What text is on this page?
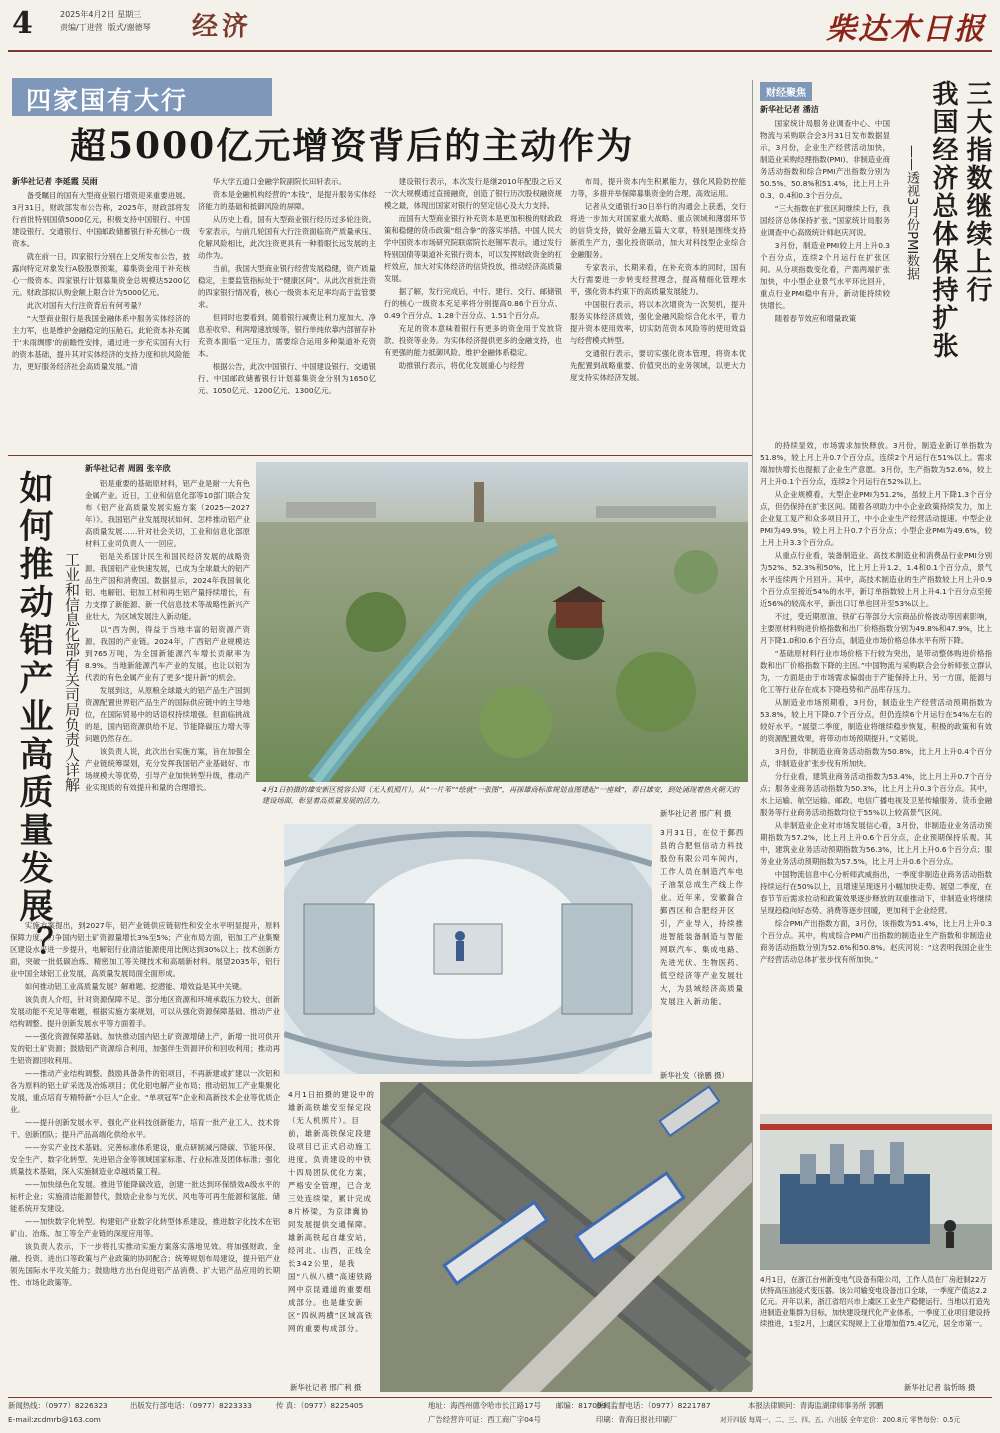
4	2025年4月2日 星期三
责编/丁进营 版式/谢德琴	经济	柴达木日报
四家国有大行
超5000亿元增资背后的主动作为
新华社记者 李延霞 吴雨

备受瞩目的国有大型商业银行增资迎来重要进展。3月31日，财政部发布公告称，2025年，财政部将发行首批特别国债5000亿元，积极支持中国银行、中国建设银行、交通银行、中国邮政储蓄银行补充核心一级资本。

就在前一日，四家银行分别在上交所发布公告，披露向特定对象发行A股股票预案，募集资金用于补充核心一级资本。四家银行计划募集资金总规模达5200亿元。财政部拟认购金额上限合计为5000亿元。

此次对国有大行注资背后有何考量？

“大型商业银行是我国金融体系中服务实体经济的主力军，也是维护金融稳定的压舱石。此轮资本补充属于‘未雨绸缪’的前瞻性安排，通过进一步充实国有大行的资本基础，提升其对实体经济的支持力度和抗风险能力，更好服务经济社会高质量发展。”清

华大学五道口金融学院副院长田轩表示。

资本是金融机构经营的“本钱”，是提升服务实体经济能力的基础和抵御风险的屏障。

从历史上看，国有大型商业银行经历过多轮注资。专家表示，与前几轮国有大行注资面临资产质量承压、化解风险相比，此次注资更具有一种着眼长远发展的主动作为。

当前，我国大型商业银行经营发展稳健，资产质量稳定，主要监管指标处于“健康区间”。从此次首批注资的四家银行情况看，核心一级资本充足率均高于监管要求。

但同时也要看到，随着银行减费让利力度加大、净息差收窄、利润增速放缓等，银行单纯依靠内部留存补充资本面临一定压力，需要综合运用多种渠道补充资本。

根据公告，此次中国银行、中国建设银行、交通银行、中国邮政储蓄银行计划募集资金分别为1650亿元、1050亿元、1200亿元、1300亿元。

建设银行表示，本次发行是继2010年配股之后又一次大规模通过直接融资，创造了银行历次股权融资规模之最，体现出国家对银行的坚定信心及大力支持。

而国有大型商业银行补充资本是更加积极的财政政策和稳健的货币政策“组合拳”的落实举措。中国人民大学中国资本市场研究院联席院长赵锡军表示，通过发行特别国债等渠道补充银行资本，可以发挥财政资金的杠杆效应，加大对实体经济的信贷投放，推动经济高质量发展。

据了解，发行完成后，中行、建行、交行、邮储银行的核心一级资本充足率将分别提高0.86个百分点、0.49个百分点、1.28个百分点、1.51个百分点。

充足的资本意味着银行有更多的资金用于发放贷款、投资等业务。为实体经济提供更多的金融支持，也有更强的能力抵御风险、维护金融体系稳定。

助推银行表示，将优化发展重心与经营

布局，提升资本内生积累能力，强化风险防控能力等，多措并举保障募集资金的合理、高效运用。

记者从交通银行30日举行的沟通会上获悉，交行将进一步加大对国家重大战略、重点领域和薄弱环节的信贷支持，做好金融五篇大文章，特别是围绕支持新质生产力，强化投资联动，加大对科技型企业综合金融服务。

专家表示，长期来看，在补充资本的同时，国有大行需要进一步转变经营理念，提高精细化管理水平，强化资本约束下的高质量发展能力。

中国银行表示，将以本次增资为一次契机，提升服务实体经济质效，强化金融风险综合化水平，着力提升资本使用效率，切实防范资本风险等的使用效益与经营模式转型。

交通银行表示，要切实强化资本管理，将资本优先配置到战略重要、价值突出的业务领域，以更大力度支持实体经济发展。

财经聚焦	三大指数继续上行
我国经济总体保持扩张
——透视3月份PMI数据
新华社记者 潘洁

国家统计局服务业调查中心、中国物流与采购联合会3月31日发布数据显示，3月份，企业生产经营活动加快，制造业采购经理指数(PMI)、非制造业商务活动指数和综合PMI产出指数分别为50.5%、50.8%和51.4%，比上月上升0.3、0.4和0.3个百分点。

“三大指数在扩张区间继续上行，我国经济总体保持扩张。”国家统计局服务业调查中心高级统计师赵庆河说。

3月份，制造业PMI较上月上升0.3个百分点，连续2个月运行在扩张区间。从分项指数变化看，产需两端扩张加快，中小型企业景气水平环比回升，重点行业PMI稳中有升，新动能持续较快增长。

随着春节效应和增量政策

的持续显效，市场需求加快释放。3月份，制造业新订单指数为51.8%，较上月上升0.7个百分点，连续2个月运行在51%以上。需求端加快增长也提振了企业生产意愿。3月份，生产指数为52.6%，较上月上升0.1个百分点，连续2个月运行在52%以上。

从企业规模看，大型企业PMI为51.2%，虽较上月下降1.3个百分点，但仍保持在扩张区间。随着各项助力中小企业政策持续发力，加上企业复工复产和众多项目开工，中小企业生产经营活动提速。中型企业PMI为49.9%，较上月上升0.7个百分点；小型企业PMI为49.6%，较上月上升3.3个百分点。

从重点行业看，装备制造业、高技术制造业和消费品行业PMI分别为52%、52.3%和50%，比上月上升1.2、1.4和0.1个百分点，景气水平连续两个月回升。其中，高技术制造业的生产指数较上月上升0.9个百分点至接近54%的水平，新订单指数较上月上升4.1个百分点至接近56%的较高水平，新出口订单也回升至53%以上。

不过，受近期原油、铁矿石等部分大宗商品价格波动等因素影响，主要原材料购进价格指数和出厂价格指数分别为49.8%和47.9%，比上月下降1.0和0.6个百分点，制造业市场价格总体水平有所下降。

“基础原材料行业市场价格下行较为突出，是带动整体购进价格指数和出厂价格指数下降的主因。”中国物流与采购联合会分析师张立群认为，一方面是由于市场需求偏弱由于产能保持上升，另一方面，能源与化工等行业存在成本下降趋势和产品库存压力。

从制造业市场预期看，3月份，制造业生产经营活动预期指数为53.8%，较上月下降0.7个百分点，但仍连续6个月运行在54%左右的较好水平。“展望二季度，制造业将继续稳步恢复，积极的政策和有效的资源配置效果，将带动市场预期提升。”文韬说。

3月份，非制造业商务活动指数为50.8%，比上月上升0.4个百分点，非制造业扩张步伐有所加快。

分行业看，建筑业商务活动指数为53.4%，比上月上升0.7个百分点；服务业商务活动指数为50.3%，比上月上升0.3个百分点。其中，水上运输、航空运输、邮政、电信广播电视及卫星传输服务、货币金融服务等行业商务活动指数均位于55%以上较高景气区间。

从非制造业企业对市场发展信心看，3月份，非制造业业务活动预期指数为57.2%，比上月上升0.6个百分点，企业预期保持乐观。其中，建筑业业务活动预期指数为56.3%，比上月上升0.6个百分点；服务业业务活动预期指数为57.5%，比上月上升0.6个百分点。

中国物流信息中心分析师武威指出，一季度非制造业商务活动指数持续运行在50%以上，且增速呈现逐月小幅加快走势。展望二季度，在春节节后需求拉动和政策效果逐步释放的双重推动下，非制造业将继续呈现趋稳向好态势、消费等逐步回暖，更加利于企业经营。

综合PMI产出指数方面，3月份，该指数为51.4%，比上月上升0.3个百分点。其中，构成综合PMI产出指数的制造业生产指数和非制造业商务活动指数分别为52.6%和50.8%。赵庆河说：“这表明我国企业生产经营活动总体扩张步伐有所加快。”

如何推动铝产业高质量发展？ 工业和信息化部有关司局负责人详解
新华社记者 周圆 张辛欣

铝是重要的基础原材料，铝产业是耐一大有色金属产业。近日，工业和信息化部等10部门联合发布《铝产业高质量发展实施方案（2025—2027年）》。我国铝产业发展现状如何、怎样推动铝产业高质量发展……针对社会关切，工业和信息化部原材料工业司负责人一一回应。

铝是关系国计民生和国民经济发展的战略资源。我国铝产业快速发展，已成为全球最大的铝产品生产国和消费国。数据显示，2024年我国氧化铝、电解铝、铝加工材和再生铝产量持续增长，有力支撑了新能源、新一代信息技术等战略性新兴产业壮大，为区域发展注入新动能。

以“西为例，得益于当地丰富的铝资源产资源，我国的产业链。2024年，广西铝产业规模达到765万吨，为全国新能源汽车增长贡献率为8.9%。当地新能源汽车产业的发展，也让以铝为代表的有色金属产业有了更多“提升新”的机会。

发展到这，从原粮全球最大的铝产品生产国到资源配置世界铝产品生产的国际供应链中的主导地位，在国际贸易中的话语权持续增强。但面临挑战的是，国内铝资源供给不足、节能降碳压力增大等问题仍然存在。

该负责人说，此次出台实施方案，旨在加强全产业链统筹谋划，充分发挥我国铝产业基础好、市场规模大等优势，引导产业加快转型升级，推动产业实现质的有效提升和量的合理增长。

实施方案提出，到2027年，铝产业链供应链韧性和安全水平明显提升，原料保障力度，力争国内铝土矿资源量增长3%至5%；产业布局方面，铝加工产业集聚区建设水平进一步提升，电解铝行业清洁能源使用比例达到30%以上；技术创新方面，突破一批低碳冶炼、精密加工等关键技术和高端新材料。展望2035年，铝行业中国全球铝工业发展，高质量发展局面全面形成。

如何推动铝工业高质量发展？解难题、挖潜能、增效益是其中关键。

该负责人介绍，针对资源保障不足、部分地区资源和环境承载压力较大、创新发展动能不充足等难题，根据实施方案规划，可以从强化资源保障基础、推动产业结构调整、提升创新发展水平等方面着手。

——强化资源保障基础。加快推动国内铝土矿资源增储上产，新增一批可供开发的铝土矿资源；鼓励铝产资源综合利用，加强伴生资源评价和回收利用；推动再生铝资源回收利用。

——推动产业结构调整。鼓励具备条件的铝项目，不再新建或扩建以一次铝和各为原料的铝土矿采选及冶炼项目；优化铝电解产业布局；推动铝加工产业集聚化发展，重点培育专精特新“小巨人”企业、“单项冠军”企业和高新技术企业等优质企业。

——提升创新发展水平。强化产业科技创新能力，培育一批产业工人、技术骨干、创新团队；提升产品高端化供给水平。

——夯实产业技术基础。完善标准体系建设，重点研制减污降碳、节能环保、安全生产、数字化转型、先进铝合金等领域国家标准、行业标准及团体标准；强化质量技术基础，深入实施制造业卓越质量工程。

——加快绿色化发展。推进节能降碳改造，创建一批达到环保绩效A级水平的标杆企业；实施清洁能源替代，鼓励企业参与光伏、风电等可再生能源和氢能、储能系统开发建设。

——加快数字化转型。构建铝产业数字化转型体系建设，推进数字化技术在铝矿山、冶炼、加工等全产业链的深度应用等。

该负责人表示，下一步将扎实推动实施方案落实落地见效。将加强财政、金融、投资、进出口等政策与产业政策的协同配合；统筹规划布局建设，提升铝产业领先国际水平攻关能力；鼓励地方出台促进铝产品消费、扩大铝产品应用的长期性、市场化政策等。

4月1日拍摄的雄安新区悦容公园（无人机照片）。从“一片苇”“绘就”一张图”，再探雄商标准规划直图建起“一座城”，春日雄安，到处涌现着热火朝天的建设场面，彰显着高质量发展的活力。
新华社记者 邢广利 摄
3月31日，在位于鄞西县的合肥恒信动力科技股份有限公司车间内，工作人员在制造汽车电子油泵总成生产线上作业。近年来，安徽滁合鄞西区和合肥经开区引，产业导入，持续推进智能装备制造与智能网联汽车、集成电路、先进光伏、生物医药、低空经济等产业发展壮大，为县域经济高质量发展注入新动能。
新华社发（徐鹏 摄）
4月1日拍摄的建设中的雄新高铁雄安至保定段（无人机照片）。目前，雄新高铁保定段建设项目已正式启动施工进度。负责建设的中铁十四局团队优化方案，严格安全管理，已合龙三处连续梁，累计完成8片桥梁，为京津冀协同发展提供交通保障。雄新高铁起自雄安站，经河北、山西，正线全长342公里，是我国“八纵八横”高速铁路网中京昆通道的重要组成部分。也是雄安新区“四纵两横”区域高铁网的重要构成部分。
新华社记者 邢广利 摄
4月1日，在浙江台州新变电气设备有限公司，工作人员在厂房赶制22万伏特高压油浸式变压器。该公司输变电设备出口全球，一季度产值达2.2亿元。开年以来，浙江省绍兴市上虞区工业生产稳健运行。当地以打造先进制造业集群为目标，加快建设现代化产业体系，一季度工业项目建设持续推进，1至2月，上虞区实现规上工业增加值75.4亿元，居全市第一。
新华社记者 翁忻旸 摄
新闻热线：（0977）8226323
E-mail:zcdmrb@163.com
出版发行部电话：（0977）8223333	传 真：（0977）8225405	地址：海西州德令哈市长江路17号 邮编：817099
广告经营许可证：西工商广字04号
新闻监督电话：（0977）8221787
印刷：青海日报社印刷厂
本报法律顾问：青海监湖律师事务所 郭鹏
对开四版 每周一、二、三、四、五、六出版 全年定价：200.8元 零售每份：0.5元
